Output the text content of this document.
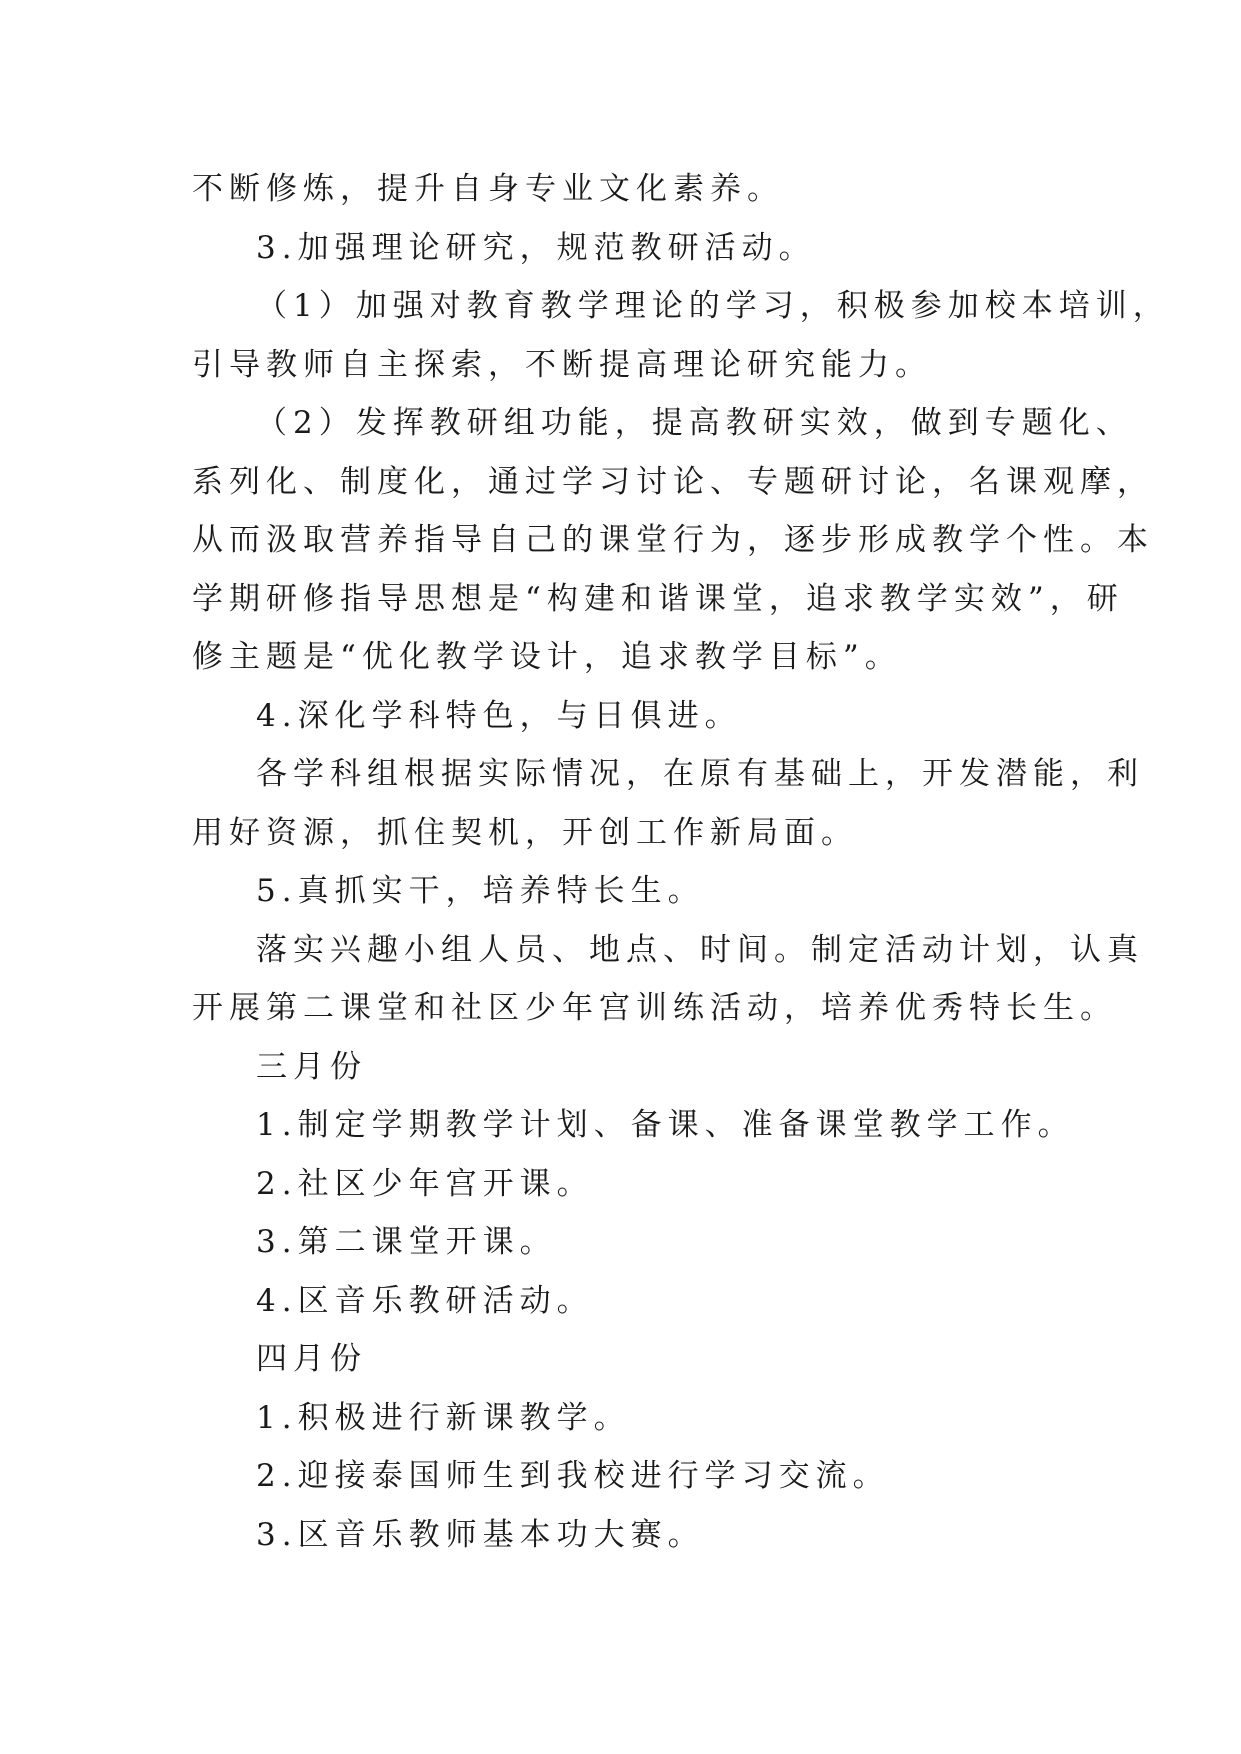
不断修炼，提升自身专业文化素养。
3.加强理论研究，规范教研活动。
（1）加强对教育教学理论的学习，积极参加校本培训，
引导教师自主探索，不断提高理论研究能力。
（2）发挥教研组功能，提高教研实效，做到专题化、
系列化、制度化，通过学习讨论、专题研讨论，名课观摩，
从而汲取营养指导自己的课堂行为，逐步形成教学个性。本
学期研修指导思想是“构建和谐课堂，追求教学实效”，研
修主题是“优化教学设计，追求教学目标”。
4.深化学科特色，与日俱进。
各学科组根据实际情况，在原有基础上，开发潜能，利
用好资源，抓住契机，开创工作新局面。
5.真抓实干，培养特长生。
落实兴趣小组人员、地点、时间。制定活动计划，认真
开展第二课堂和社区少年宫训练活动，培养优秀特长生。
三月份
1.制定学期教学计划、备课、准备课堂教学工作。
2.社区少年宫开课。
3.第二课堂开课。
4.区音乐教研活动。
四月份
1.积极进行新课教学。
2.迎接泰国师生到我校进行学习交流。
3.区音乐教师基本功大赛。
